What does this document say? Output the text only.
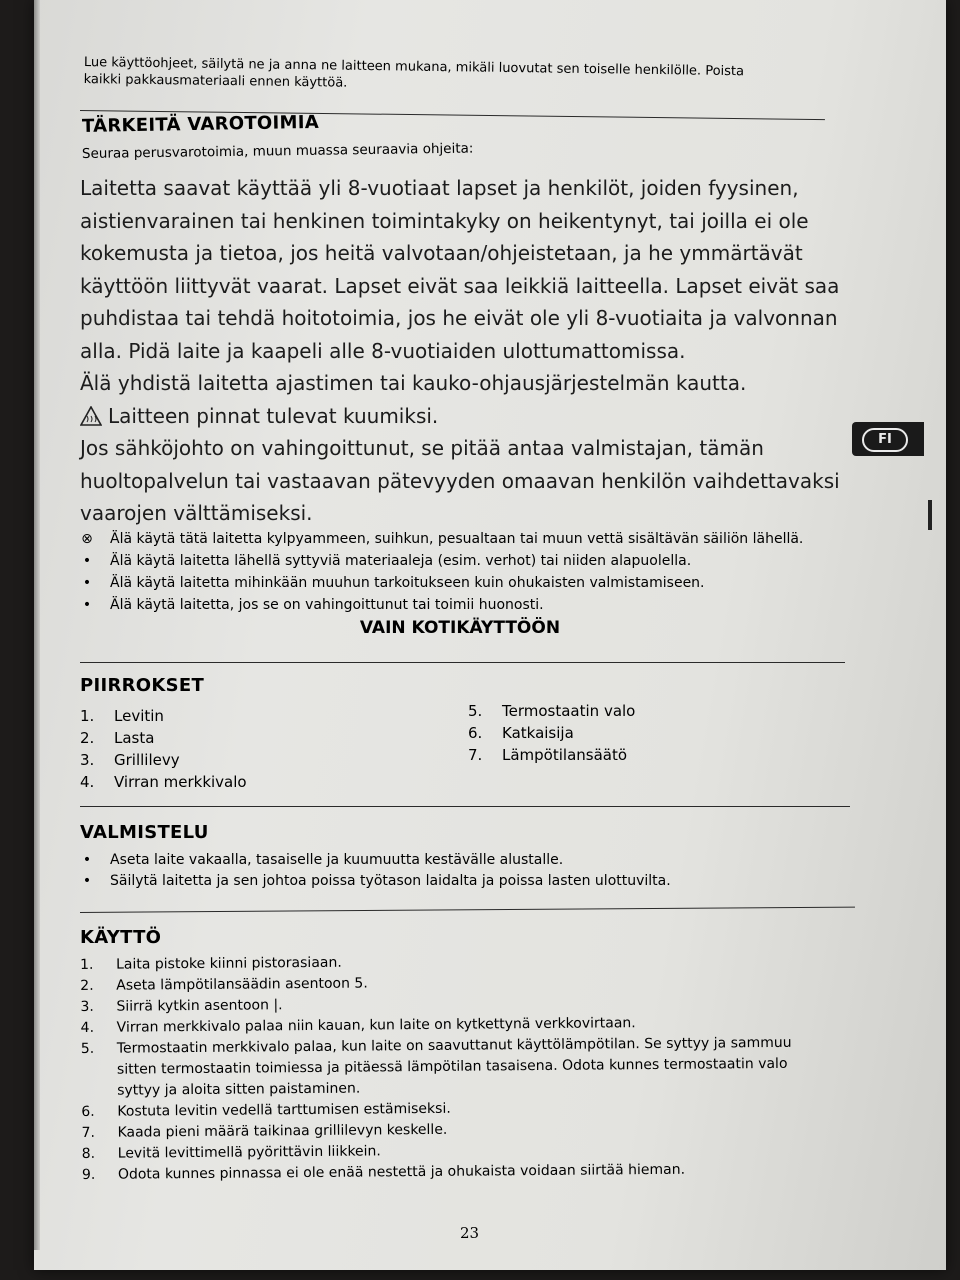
Lue käyttöohjeet, säilytä ne ja anna ne laitteen mukana, mikäli luovutat sen toiselle henkilölle. Poista kaikki pakkausmateriaali ennen käyttöä.
TÄRKEITÄ VAROTOIMIA
Seuraa perusvarotoimia, muun muassa seuraavia ohjeita:

Laitetta saavat käyttää yli 8-vuotiaat lapset ja henkilöt, joiden fyysinen, aistienvarainen tai henkinen toimintakyky on heikentynyt, tai joilla ei ole kokemusta ja tietoa, jos heitä valvotaan/ohjeistetaan, ja he ymmärtävät käyttöön liittyvät vaarat. Lapset eivät saa leikkiä laitteella. Lapset eivät saa puhdistaa tai tehdä hoitotoimia, jos he eivät ole yli 8-vuotiaita ja valvonnan alla. Pidä laite ja kaapeli alle 8-vuotiaiden ulottumattomissa.

Älä yhdistä laitetta ajastimen tai kauko-ohjausjärjestelmän kautta.

Laitteen pinnat tulevat kuumiksi.

Jos sähköjohto on vahingoittunut, se pitää antaa valmistajan, tämän huoltopalvelun tai vastaavan pätevyyden omaavan henkilön vaihdettavaksi vaarojen välttämiseksi.

⊗ Älä käytä tätä laitetta kylpyammeen, suihkun, pesualtaan tai muun vettä sisältävän säiliön lähellä.
• Älä käytä laitetta lähellä syttyviä materiaaleja (esim. verhot) tai niiden alapuolella.
• Älä käytä laitetta mihinkään muuhun tarkoitukseen kuin ohukaisten valmistamiseen.
• Älä käytä laitetta, jos se on vahingoittunut tai toimii huonosti.
VAIN KOTIKÄYTTÖÖN
PIIRROKSET
1.	Levitin
2.	Lasta
3.	Grillilevy
4.	Virran merkkivalo
5.	Termostaatin valo
6.	Katkaisija
7.	Lämpötilansäätö
VALMISTELU
• Aseta laite vakaalla, tasaiselle ja kuumuutta kestävälle alustalle.
• Säilytä laitetta ja sen johtoa poissa työtason laidalta ja poissa lasten ulottuvilta.
KÄYTTÖ
1.	Laita pistoke kiinni pistorasiaan.
2.	Aseta lämpötilansäädin asentoon 5.
3.	Siirrä kytkin asentoon |.
4.	Virran merkkivalo palaa niin kauan, kun laite on kytkettynä verkkovirtaan.
5.	Termostaatin merkkivalo palaa, kun laite on saavuttanut käyttölämpötilan. Se syttyy ja sammuu sitten termostaatin toimiessa ja pitäessä lämpötilan tasaisena. Odota kunnes termostaatin valo syttyy ja aloita sitten paistaminen.
6.	Kostuta levitin vedellä tarttumisen estämiseksi.
7.	Kaada pieni määrä taikinaa grillilevyn keskelle.
8.	Levitä levittimellä pyörittävin liikkein.
9.	Odota kunnes pinnassa ei ole enää nestettä ja ohukaista voidaan siirtää hieman.
23
FI
